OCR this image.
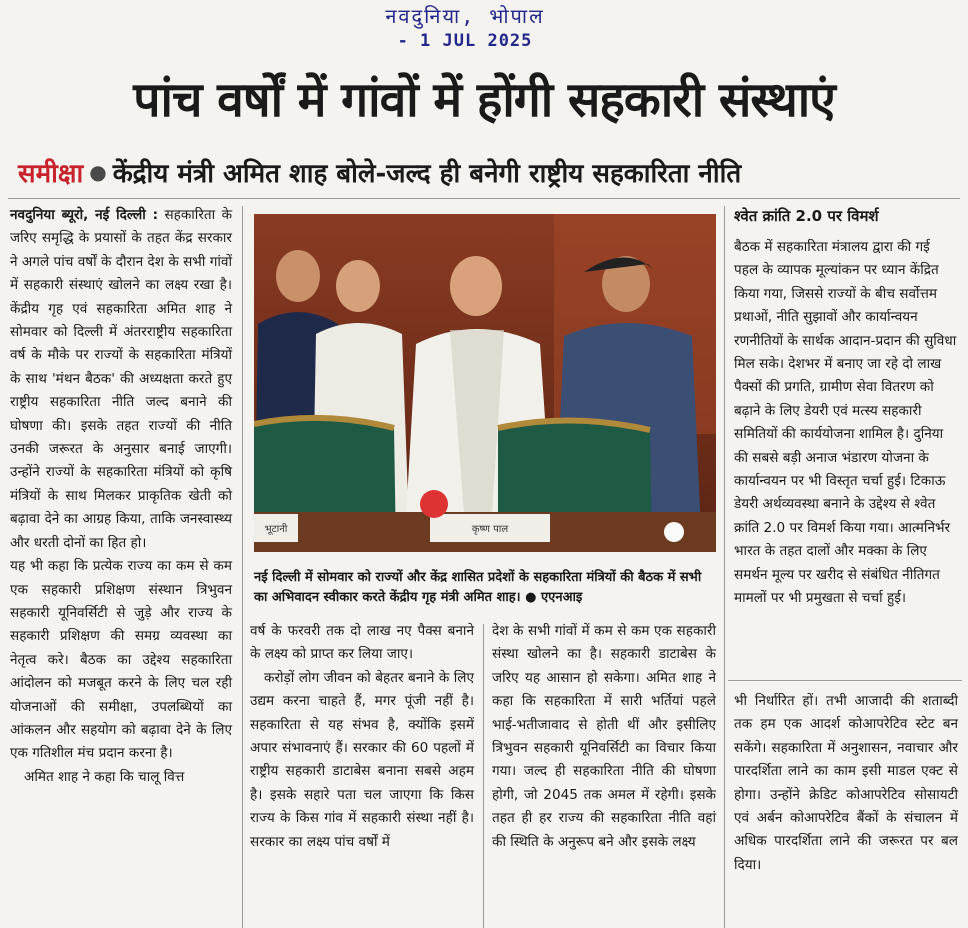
नवदुनिया, भोपाल
- 1 JUL 2025
पांच वर्षों में गांवों में होंगी सहकारी संस्थाएं
समीक्षा ● केंद्रीय मंत्री अमित शाह बोले-जल्द ही बनेगी राष्ट्रीय सहकारिता नीति

नवदुनिया ब्यूरो, नई दिल्ली : सहकारिता के जरिए समृद्धि के प्रयासों के तहत केंद्र सरकार ने अगले पांच वर्षों के दौरान देश के सभी गांवों में सहकारी संस्थाएं खोलने का लक्ष्य रखा है। केंद्रीय गृह एवं सहकारिता अमित शाह ने सोमवार को दिल्ली में अंतरराष्ट्रीय सहकारिता वर्ष के मौके पर राज्यों के सहकारिता मंत्रियों के साथ 'मंथन बैठक' की अध्यक्षता करते हुए राष्ट्रीय सहकारिता नीति जल्द बनाने की घोषणा की। इसके तहत राज्यों की नीति उनकी जरूरत के अनुसार बनाई जाएगी। उन्होंने राज्यों के सहकारिता मंत्रियों को कृषि मंत्रियों के साथ मिलकर प्राकृतिक खेती को बढ़ावा देने का आग्रह किया, ताकि जनस्वास्थ्य और धरती दोनों का हित हो।

यह भी कहा कि प्रत्येक राज्य का कम से कम एक सहकारी प्रशिक्षण संस्थान त्रिभुवन सहकारी यूनिवर्सिटी से जुड़े और राज्य के सहकारी प्रशिक्षण की समग्र व्यवस्था का नेतृत्व करे। बैठक का उद्देश्य सहकारिता आंदोलन को मजबूत करने के लिए चल रही योजनाओं की समीक्षा, उपलब्धियों का आंकलन और सहयोग को बढ़ावा देने के लिए एक गतिशील मंच प्रदान करना है।

अमित शाह ने कहा कि चालू वित्त

कृष्ण पाल
भूटानी
नई दिल्ली में सोमवार को राज्यों और केंद्र शासित प्रदेशों के सहकारिता मंत्रियों की बैठक में सभी का अभिवादन स्वीकार करते केंद्रीय गृह मंत्री अमित शाह। ● एएनआइ

वर्ष के फरवरी तक दो लाख नए पैक्स बनाने के लक्ष्य को प्राप्त कर लिया जाए।

करोड़ों लोग जीवन को बेहतर बनाने के लिए उद्यम करना चाहते हैं, मगर पूंजी नहीं है। सहकारिता से यह संभव है, क्योंकि इसमें अपार संभावनाएं हैं। सरकार की 60 पहलों में राष्ट्रीय सहकारी डाटाबेस बनाना सबसे अहम है। इसके सहारे पता चल जाएगा कि किस राज्य के किस गांव में सहकारी संस्था नहीं है। सरकार का लक्ष्य पांच वर्षों में

देश के सभी गांवों में कम से कम एक सहकारी संस्था खोलने का है। सहकारी डाटाबेस के जरिए यह आसान हो सकेगा। अमित शाह ने कहा कि सहकारिता में सारी भर्तियां पहले भाई-भतीजावाद से होती थीं और इसीलिए त्रिभुवन सहकारी यूनिवर्सिटी का विचार किया गया। जल्द ही सहकारिता नीति की घोषणा होगी, जो 2045 तक अमल में रहेगी। इसके तहत ही हर राज्य की सहकारिता नीति वहां की स्थिति के अनुरूप बने और इसके लक्ष्य

श्वेत क्रांति 2.0 पर विमर्श

बैठक में सहकारिता मंत्रालय द्वारा की गई पहल के व्यापक मूल्यांकन पर ध्यान केंद्रित किया गया, जिससे राज्यों के बीच सर्वोत्तम प्रथाओं, नीति सुझावों और कार्यान्वयन रणनीतियों के सार्थक आदान-प्रदान की सुविधा मिल सके। देशभर में बनाए जा रहे दो लाख पैक्सों की प्रगति, ग्रामीण सेवा वितरण को बढ़ाने के लिए डेयरी एवं मत्स्य सहकारी समितियों की कार्ययोजना शामिल है। दुनिया की सबसे बड़ी अनाज भंडारण योजना के कार्यान्वयन पर भी विस्तृत चर्चा हुई। टिकाऊ डेयरी अर्थव्यवस्था बनाने के उद्देश्य से श्वेत क्रांति 2.0 पर विमर्श किया गया। आत्मनिर्भर भारत के तहत दालों और मक्का के लिए समर्थन मूल्य पर खरीद से संबंधित नीतिगत मामलों पर भी प्रमुखता से चर्चा हुई।

भी निर्धारित हों। तभी आजादी की शताब्दी तक हम एक आदर्श कोआपरेटिव स्टेट बन सकेंगे। सहकारिता में अनुशासन, नवाचार और पारदर्शिता लाने का काम इसी माडल एक्ट से होगा। उन्होंने क्रेडिट कोआपरेटिव सोसायटी एवं अर्बन कोआपरेटिव बैंकों के संचालन में अधिक पारदर्शिता लाने की जरूरत पर बल दिया।
